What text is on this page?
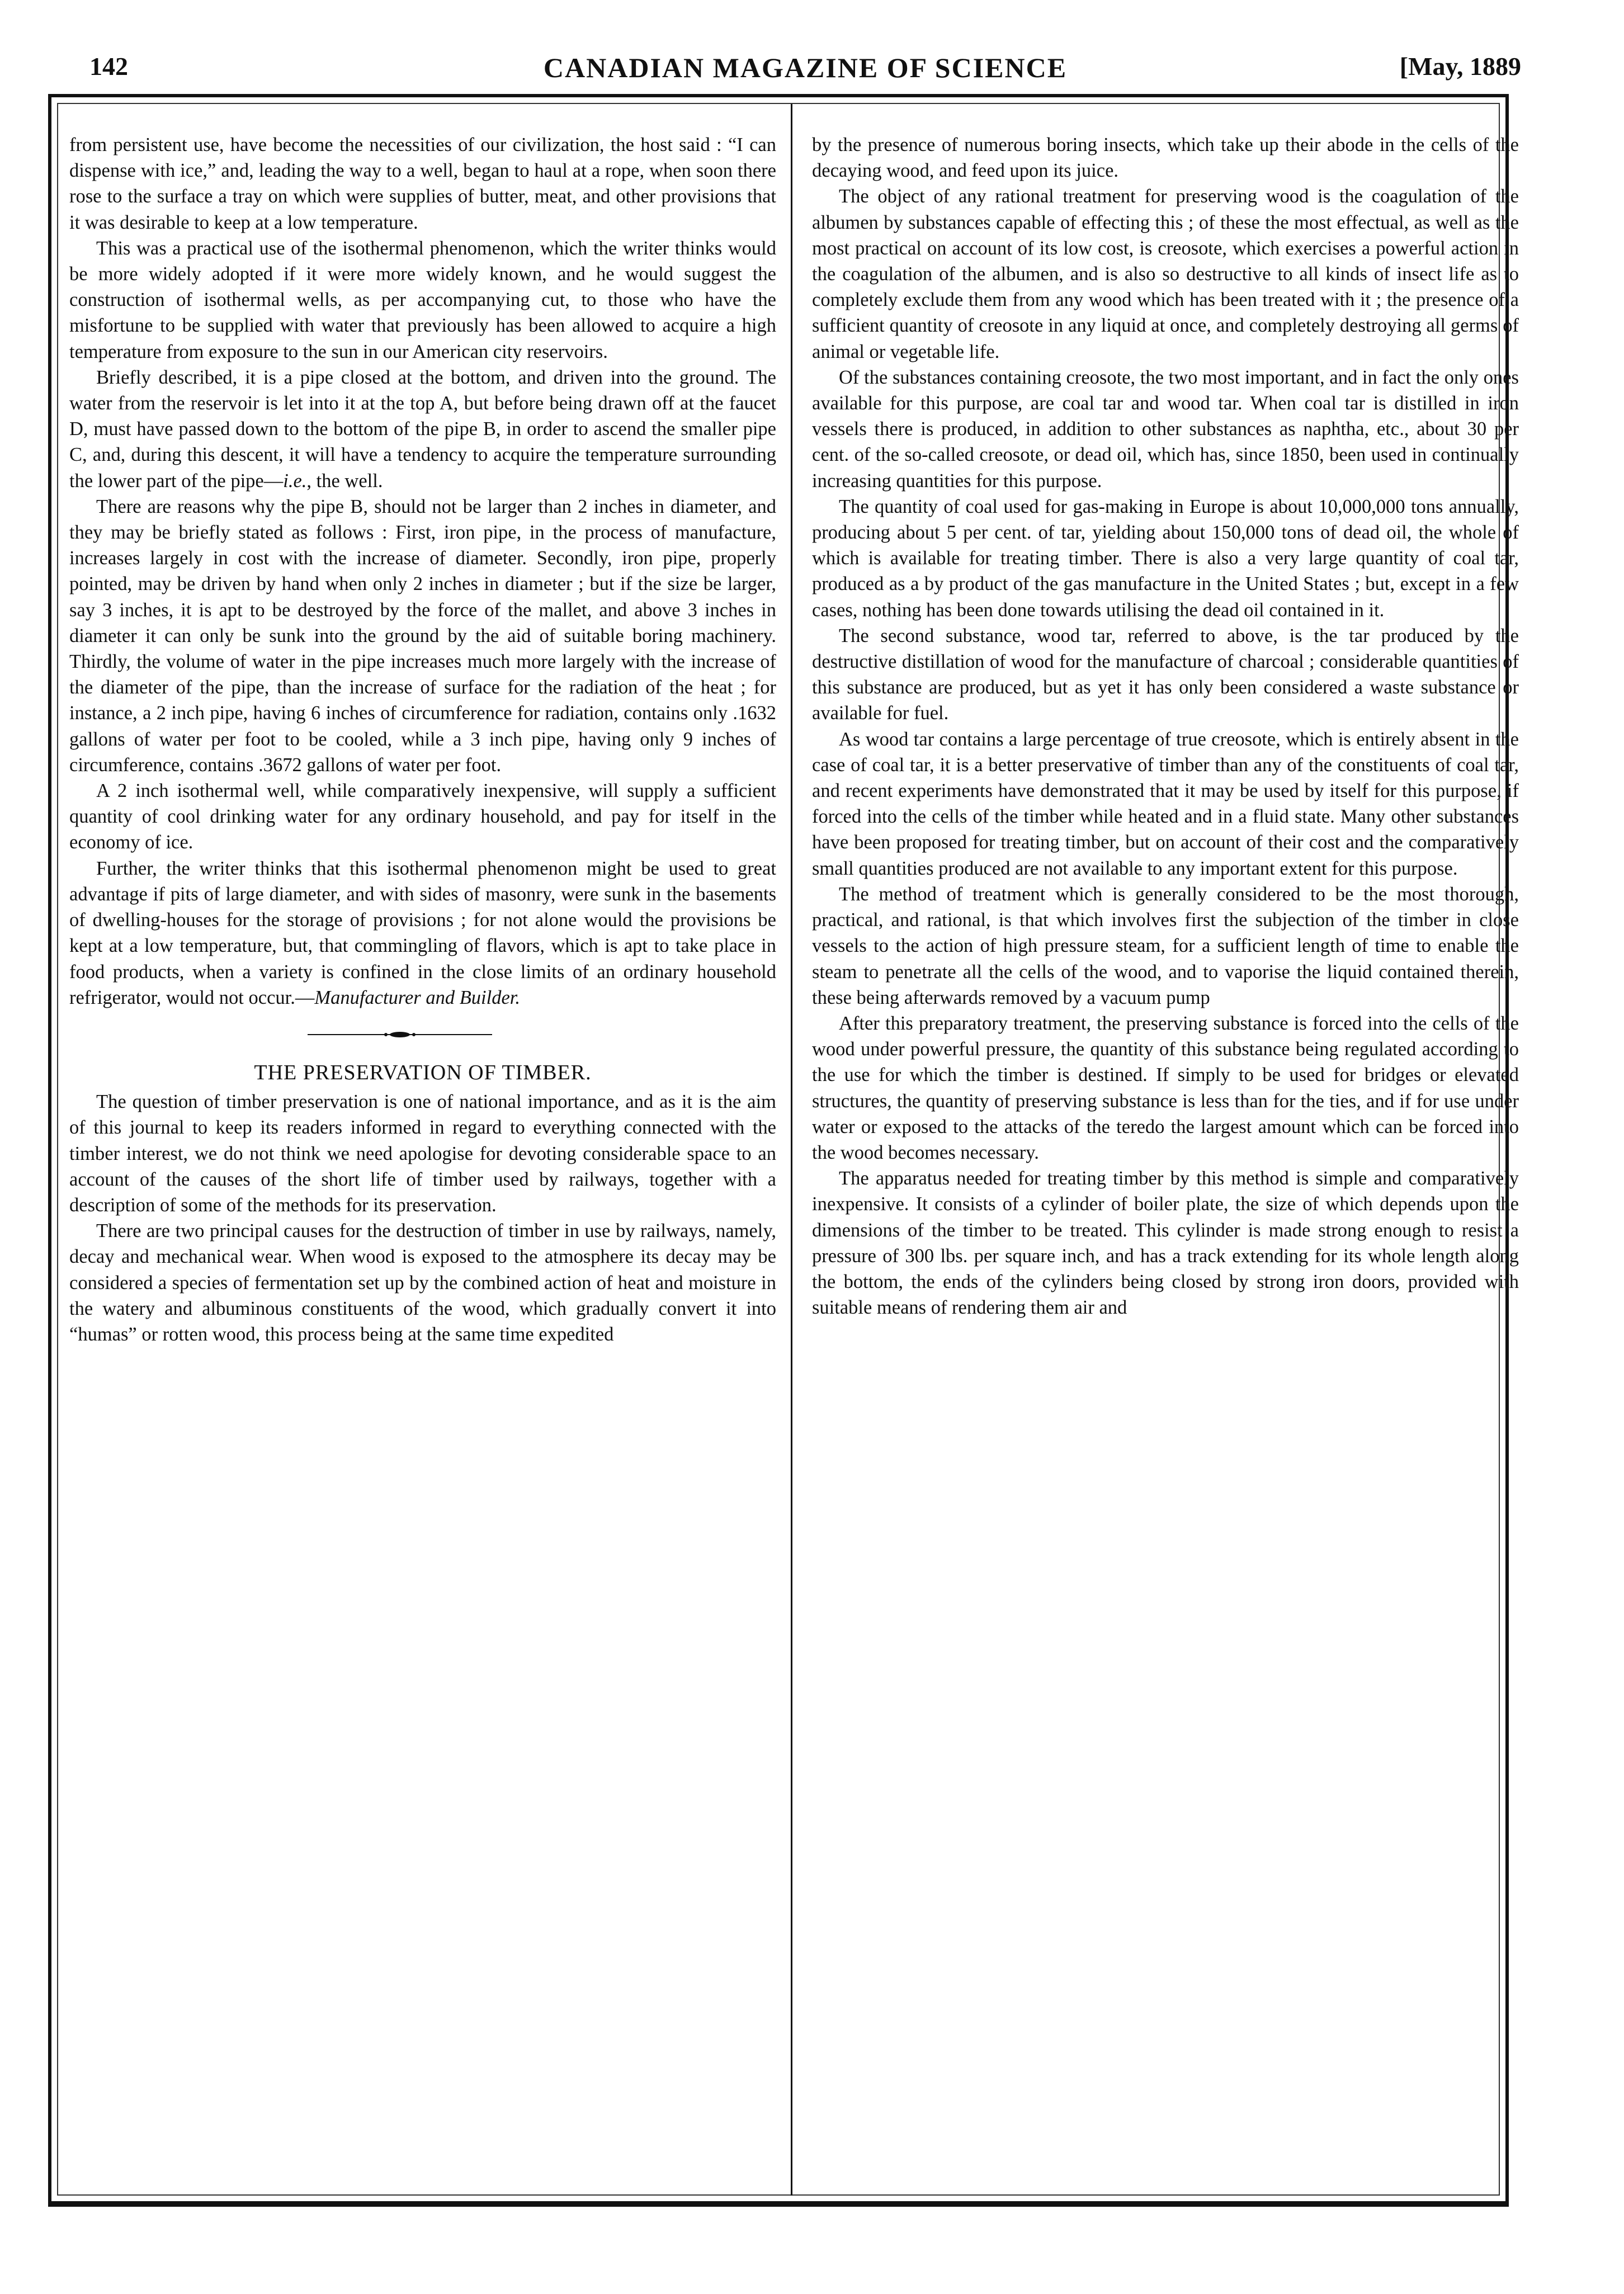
142	CANADIAN MAGAZINE OF SCIENCE	[May, 1889

from persistent use, have become the necessities of our civilization, the host said : “I can dispense with ice,” and, leading the way to a well, began to haul at a rope, when soon there rose to the surface a tray on which were supplies of butter, meat, and other provisions that it was desirable to keep at a low temperature.

This was a practical use of the isothermal phenomenon, which the writer thinks would be more widely adopted if it were more widely known, and he would suggest the construction of isothermal wells, as per accompanying cut, to those who have the misfortune to be supplied with water that previously has been allowed to acquire a high temperature from exposure to the sun in our American city reservoirs.

Briefly described, it is a pipe closed at the bottom, and driven into the ground. The water from the reservoir is let into it at the top A, but before being drawn off at the faucet D, must have passed down to the bottom of the pipe B, in order to ascend the smaller pipe C, and, during this descent, it will have a tendency to acquire the temperature surrounding the lower part of the pipe—i.e., the well.

There are reasons why the pipe B, should not be larger than 2 inches in diameter, and they may be briefly stated as follows : First, iron pipe, in the process of manufacture, increases largely in cost with the increase of diameter. Secondly, iron pipe, properly pointed, may be driven by hand when only 2 inches in diameter ; but if the size be larger, say 3 inches, it is apt to be destroyed by the force of the mallet, and above 3 inches in diameter it can only be sunk into the ground by the aid of suitable boring machinery. Thirdly, the volume of water in the pipe increases much more largely with the increase of the diameter of the pipe, than the increase of surface for the radiation of the heat ; for instance, a 2 inch pipe, having 6 inches of circumference for radiation, contains only .1632 gallons of water per foot to be cooled, while a 3 inch pipe, having only 9 inches of circumference, contains .3672 gallons of water per foot.

A 2 inch isothermal well, while comparatively inexpensive, will supply a sufficient quantity of cool drinking water for any ordinary household, and pay for itself in the economy of ice.

Further, the writer thinks that this isothermal phenomenon might be used to great advantage if pits of large diameter, and with sides of masonry, were sunk in the basements of dwelling-houses for the storage of provisions ; for not alone would the provisions be kept at a low temperature, but, that commingling of flavors, which is apt to take place in food products, when a variety is confined in the close limits of an ordinary household refrigerator, would not occur.—Manufacturer and Builder.

THE PRESERVATION OF TIMBER.

The question of timber preservation is one of national importance, and as it is the aim of this journal to keep its readers informed in regard to everything connected with the timber interest, we do not think we need apologise for devoting considerable space to an account of the causes of the short life of timber used by railways, together with a description of some of the methods for its preservation.

There are two principal causes for the destruction of timber in use by railways, namely, decay and mechanical wear. When wood is exposed to the atmosphere its decay may be considered a species of fermentation set up by the combined action of heat and moisture in the watery and albuminous constituents of the wood, which gradually convert it into “humas” or rotten wood, this process being at the same time expedited

by the presence of numerous boring insects, which take up their abode in the cells of the decaying wood, and feed upon its juice.

The object of any rational treatment for preserving wood is the coagulation of the albumen by substances capable of effecting this ; of these the most effectual, as well as the most practical on account of its low cost, is creosote, which exercises a powerful action in the coagulation of the albumen, and is also so destructive to all kinds of insect life as to completely exclude them from any wood which has been treated with it ; the presence of a sufficient quantity of creosote in any liquid at once, and completely destroying all germs of animal or vegetable life.

Of the substances containing creosote, the two most important, and in fact the only ones available for this purpose, are coal tar and wood tar. When coal tar is distilled in iron vessels there is produced, in addition to other substances as naphtha, etc., about 30 per cent. of the so-called creosote, or dead oil, which has, since 1850, been used in continually increasing quantities for this purpose.

The quantity of coal used for gas-making in Europe is about 10,000,000 tons annually, producing about 5 per cent. of tar, yielding about 150,000 tons of dead oil, the whole of which is available for treating timber. There is also a very large quantity of coal tar, produced as a by product of the gas manufacture in the United States ; but, except in a few cases, nothing has been done towards utilising the dead oil contained in it.

The second substance, wood tar, referred to above, is the tar produced by the destructive distillation of wood for the manufacture of charcoal ; considerable quantities of this substance are produced, but as yet it has only been considered a waste substance or available for fuel.

As wood tar contains a large percentage of true creosote, which is entirely absent in the case of coal tar, it is a better preservative of timber than any of the constituents of coal tar, and recent experiments have demonstrated that it may be used by itself for this purpose, if forced into the cells of the timber while heated and in a fluid state. Many other substances have been proposed for treating timber, but on account of their cost and the comparatively small quantities produced are not available to any important extent for this purpose.

The method of treatment which is generally considered to be the most thorough, practical, and rational, is that which involves first the subjection of the timber in close vessels to the action of high pressure steam, for a sufficient length of time to enable the steam to penetrate all the cells of the wood, and to vaporise the liquid contained therein, these being afterwards removed by a vacuum pump

After this preparatory treatment, the preserving substance is forced into the cells of the wood under powerful pressure, the quantity of this substance being regulated according to the use for which the timber is destined. If simply to be used for bridges or elevated structures, the quantity of preserving substance is less than for the ties, and if for use under water or exposed to the attacks of the teredo the largest amount which can be forced into the wood becomes necessary.

The apparatus needed for treating timber by this method is simple and comparatively inexpensive. It consists of a cylinder of boiler plate, the size of which depends upon the dimensions of the timber to be treated. This cylinder is made strong enough to resist a pressure of 300 lbs. per square inch, and has a track extending for its whole length along the bottom, the ends of the cylinders being closed by strong iron doors, provided with suitable means of rendering them air and
